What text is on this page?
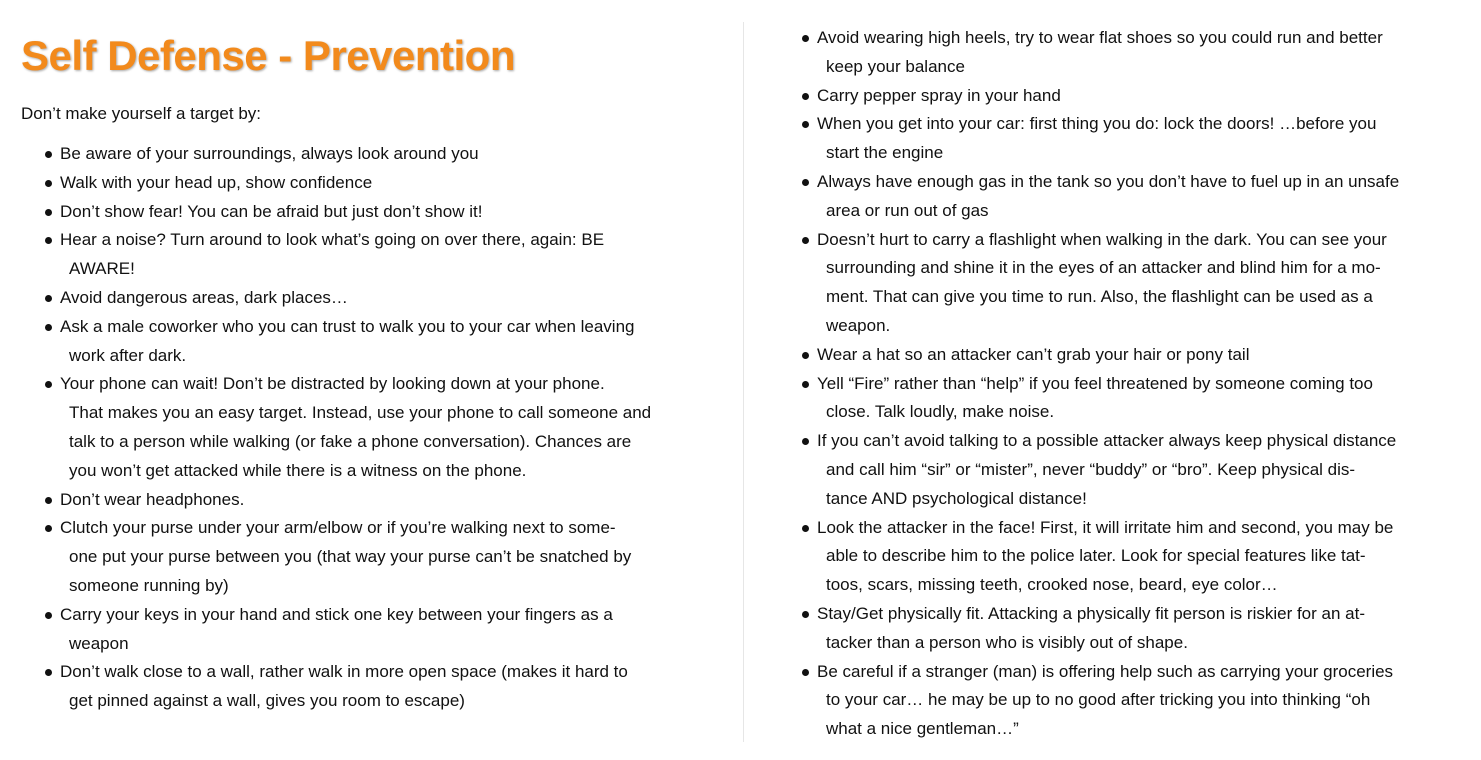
Self Defense - Prevention

Don’t make yourself a target by:

Be aware of your surroundings, always look around you
Walk with your head up, show confidence
Don’t show fear! You can be afraid but just don’t show it!
Hear a noise? Turn around to look what’s going on over there, again: BE
AWARE!
Avoid dangerous areas, dark places…
Ask a male coworker who you can trust to walk you to your car when leaving
work after dark.
Your phone can wait! Don’t be distracted by looking down at your phone.
That makes you an easy target. Instead, use your phone to call someone and
talk to a person while walking (or fake a phone conversation). Chances are
you won’t get attacked while there is a witness on the phone.
Don’t wear headphones.
Clutch your purse under your arm/elbow or if you’re walking next to some-
one put your purse between you (that way your purse can’t be snatched by
someone running by)
Carry your keys in your hand and stick one key between your fingers as a
weapon
Don’t walk close to a wall, rather walk in more open space (makes it hard to
get pinned against a wall, gives you room to escape)
Avoid wearing high heels, try to wear flat shoes so you could run and better
keep your balance
Carry pepper spray in your hand
When you get into your car: first thing you do: lock the doors! …before you
start the engine
Always have enough gas in the tank so you don’t have to fuel up in an unsafe
area or run out of gas
Doesn’t hurt to carry a flashlight when walking in the dark. You can see your
surrounding and shine it in the eyes of an attacker and blind him for a mo-
ment. That can give you time to run. Also, the flashlight can be used as a
weapon.
Wear a hat so an attacker can’t grab your hair or pony tail
Yell “Fire” rather than “help” if you feel threatened by someone coming too
close. Talk loudly, make noise.
If you can’t avoid talking to a possible attacker always keep physical distance
and call him “sir” or “mister”, never “buddy” or “bro”. Keep physical dis-
tance AND psychological distance!
Look the attacker in the face! First, it will irritate him and second, you may be
able to describe him to the police later. Look for special features like tat-
toos, scars, missing teeth, crooked nose, beard, eye color…
Stay/Get physically fit. Attacking a physically fit person is riskier for an at-
tacker than a person who is visibly out of shape.
Be careful if a stranger (man) is offering help such as carrying your groceries
to your car… he may be up to no good after tricking you into thinking “oh
what a nice gentleman…”
